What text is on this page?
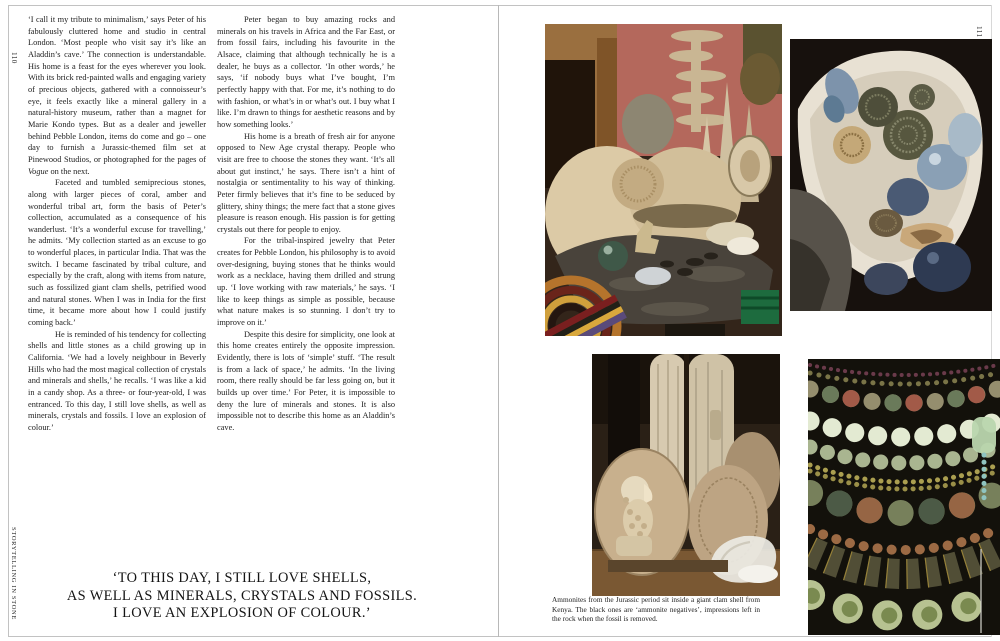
110
STORYTELLING IN STONE

‘I call it my tribute to minimalism,’ says Peter of his fabulously cluttered home and studio in central London. ‘Most people who visit say it’s like an Aladdin’s cave.’ The connection is understandable. His home is a feast for the eyes wherever you look. With its brick red-painted walls and engaging variety of precious objects, gathered with a connoisseur’s eye, it feels exactly like a mineral gallery in a natural-history museum, rather than a magnet for Marie Kondo types. But as a dealer and jeweller behind Pebble London, items do come and go – one day to furnish a Jurassic-themed film set at Pinewood Studios, or photographed for the pages of Vogue on the next.

Faceted and tumbled semiprecious stones, along with larger pieces of coral, amber and wonderful tribal art, form the basis of Peter’s collection, accumulated as a consequence of his wanderlust. ‘It’s a wonderful excuse for travelling,’ he admits. ‘My collection started as an excuse to go to wonderful places, in particular India. That was the switch. I became fascinated by tribal culture, and especially by the craft, along with items from nature, such as fossilized giant clam shells, petrified wood and natural stones. When I was in India for the first time, it became more about how I could justify coming back.’

He is reminded of his tendency for collecting shells and little stones as a child growing up in California. ‘We had a lovely neighbour in Beverly Hills who had the most magical collection of crystals and minerals and shells,’ he recalls. ‘I was like a kid in a candy shop. As a three- or four-year-old, I was entranced. To this day, I still love shells, as well as minerals, crystals and fossils. I love an explosion of colour.’

Peter began to buy amazing rocks and minerals on his travels in Africa and the Far East, or from fossil fairs, including his favourite in the Alsace, claiming that although technically he is a dealer, he buys as a collector. ‘In other words,’ he says, ‘if nobody buys what I’ve bought, I’m perfectly happy with that. For me, it’s nothing to do with fashion, or what’s in or what’s out. I buy what I like. I’m drawn to things for aesthetic reasons and by how something looks.’

His home is a breath of fresh air for anyone opposed to New Age crystal therapy. People who visit are free to choose the stones they want. ‘It’s all about gut instinct,’ he says. There isn’t a hint of nostalgia or sentimentality to his way of thinking. Peter firmly believes that it’s fine to be seduced by glittery, shiny things; the mere fact that a stone gives pleasure is reason enough. His passion is for getting crystals out there for people to enjoy.

For the tribal-inspired jewelry that Peter creates for Pebble London, his philosophy is to avoid over-designing, buying stones that he thinks would work as a necklace, having them drilled and strung up. ‘I love working with raw materials,’ he says. ‘I like to keep things as simple as possible, because what nature makes is so stunning. I don’t try to improve on it.’

Despite this desire for simplicity, one look at this home creates entirely the opposite impression. Evidently, there is lots of ‘simple’ stuff. ‘The result is from a lack of space,’ he admits. ‘In the living room, there really should be far less going on, but it builds up over time.’ For Peter, it is impossible to deny the lure of minerals and stones. It is also impossible not to describe this home as an Aladdin’s cave.

‘TO THIS DAY, I STILL LOVE SHELLS,
AS WELL AS MINERALS, CRYSTALS AND FOSSILS.
I LOVE AN EXPLOSION OF COLOUR.’
111

Ammonites from the Jurassic period sit inside a giant clam shell from Kenya. The black ones are ‘ammonite negatives’, impressions left in the rock when the fossil is removed.
